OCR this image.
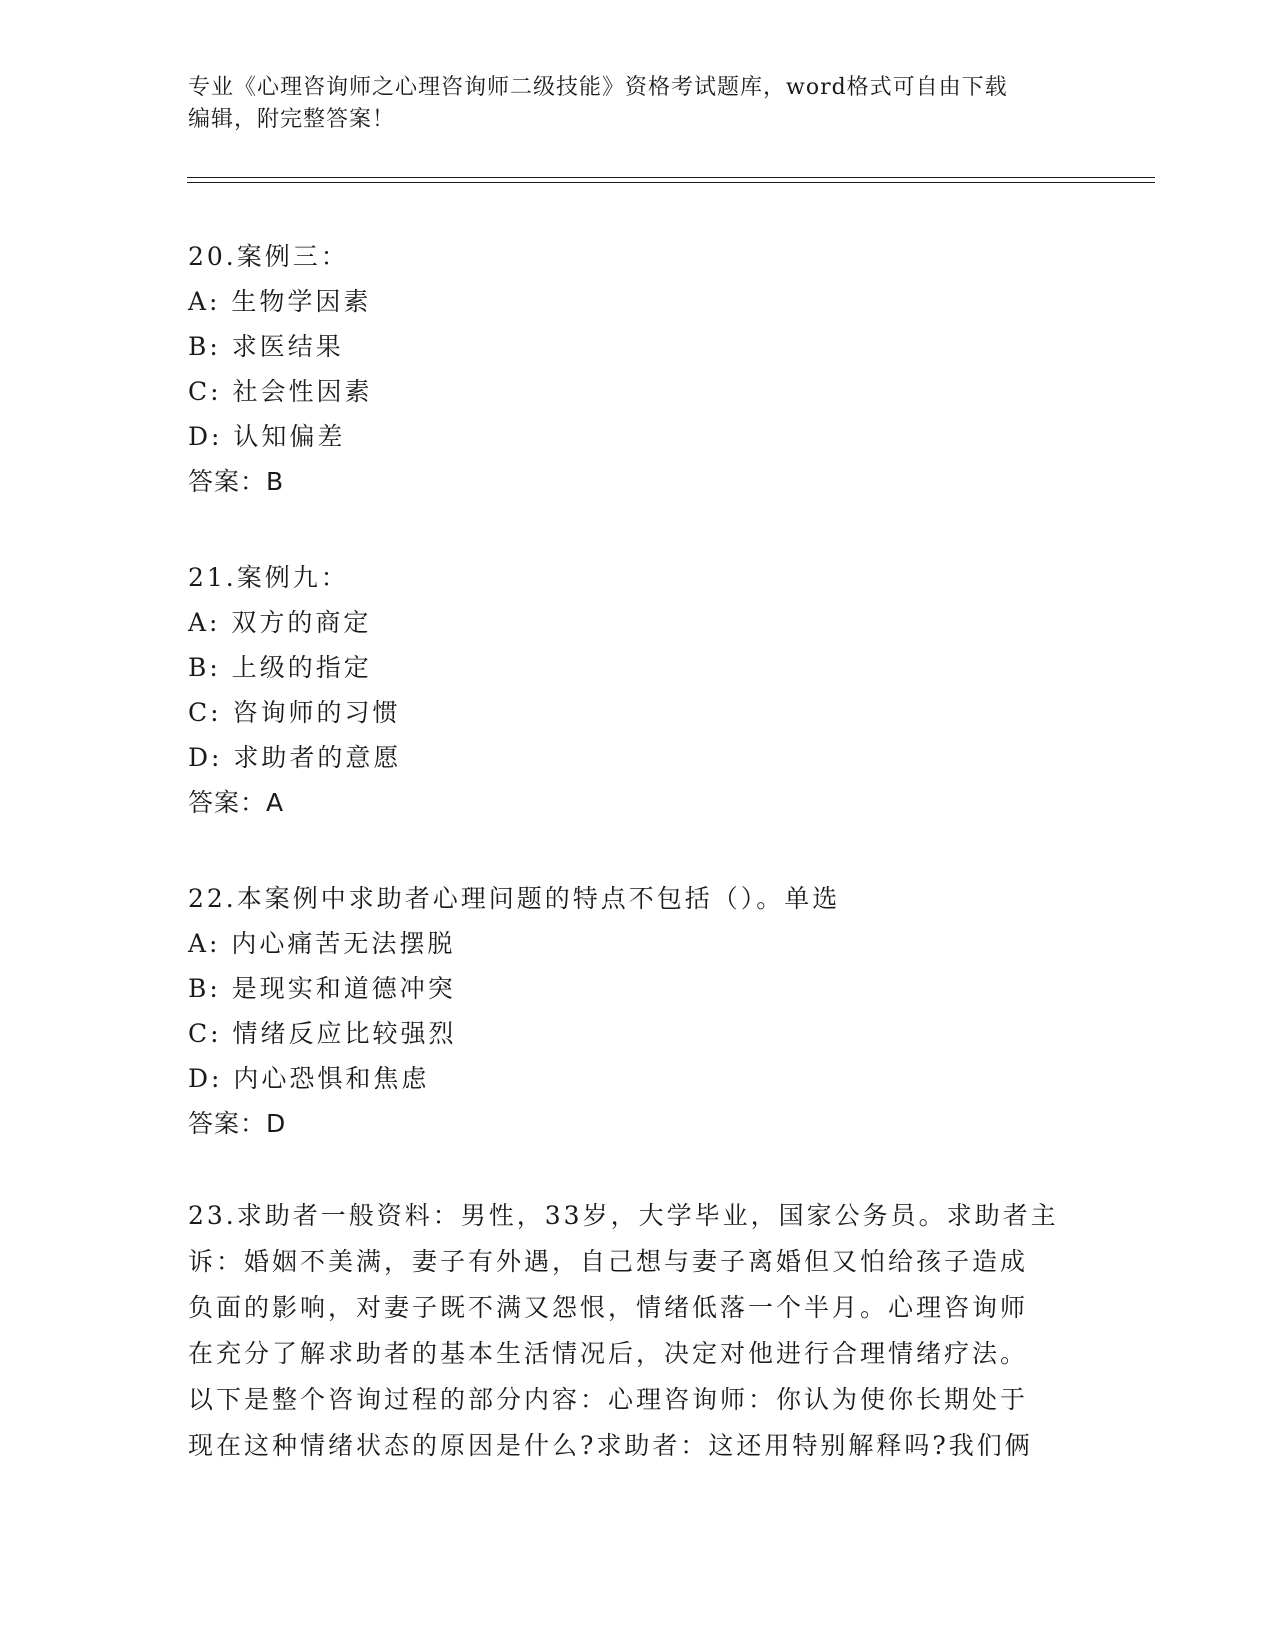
专业《心理咨询师之心理咨询师二级技能》资格考试题库，word格式可自由下载
编辑，附完整答案！
20.案例三：
A: 生物学因素
B: 求医结果
C: 社会性因素
D: 认知偏差
答案：B
21.案例九：
A: 双方的商定
B: 上级的指定
C: 咨询师的习惯
D: 求助者的意愿
答案：A
22.本案例中求助者心理问题的特点不包括（）。单选
A: 内心痛苦无法摆脱
B: 是现实和道德冲突
C: 情绪反应比较强烈
D: 内心恐惧和焦虑
答案：D
23.求助者一般资料：男性，33岁，大学毕业，国家公务员。求助者主
诉：婚姻不美满，妻子有外遇，自己想与妻子离婚但又怕给孩子造成
负面的影响，对妻子既不满又怨恨，情绪低落一个半月。心理咨询师
在充分了解求助者的基本生活情况后，决定对他进行合理情绪疗法。
以下是整个咨询过程的部分内容：心理咨询师：你认为使你长期处于
现在这种情绪状态的原因是什么?求助者：这还用特别解释吗?我们俩
